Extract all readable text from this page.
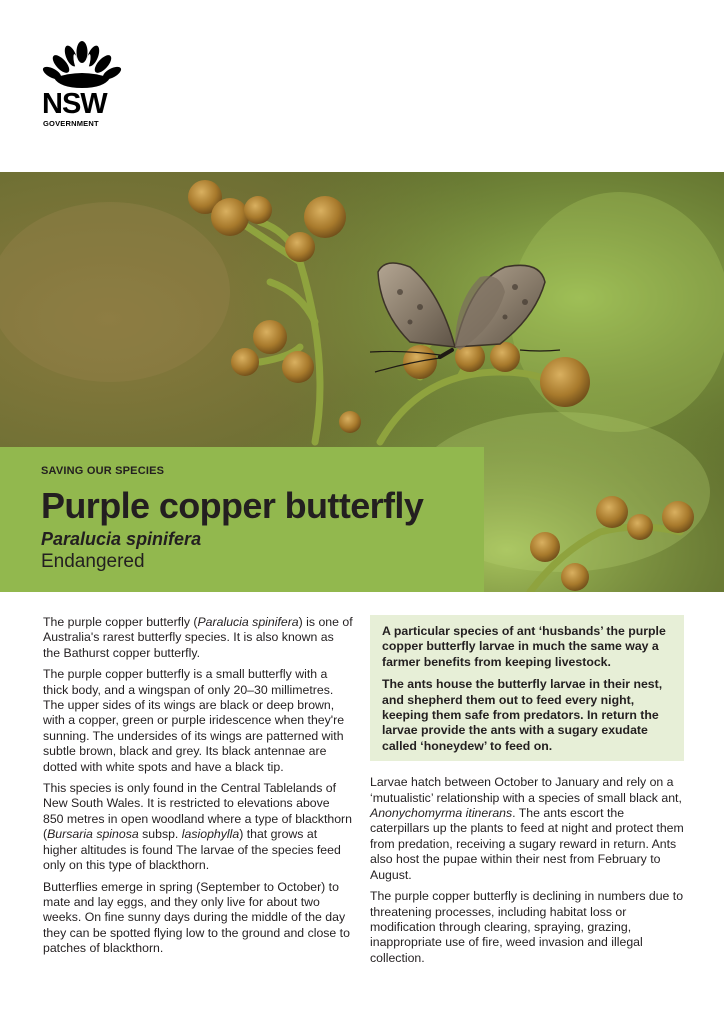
NSW
GOVERNMENT
SAVING OUR SPECIES
Purple copper butterfly
Paralucia spinifera
Endangered

The purple copper butterfly (Paralucia spinifera) is one of Australia's rarest butterfly species. It is also known as the Bathurst copper butterfly.

The purple copper butterfly is a small butterfly with a thick body, and a wingspan of only 20–30 millimetres. The upper sides of its wings are black or deep brown, with a copper, green or purple iridescence when they're sunning. The undersides of its wings are patterned with subtle brown, black and grey. Its black antennae are dotted with white spots and have a black tip.

This species is only found in the Central Tablelands of New South Wales. It is restricted to elevations above 850 metres in open woodland where a type of blackthorn (Bursaria spinosa subsp. lasiophylla) that grows at higher altitudes is found The larvae of the species feed only on this type of blackthorn.

Butterflies emerge in spring (September to October) to mate and lay eggs, and they only live for about two weeks. On fine sunny days during the middle of the day they can be spotted flying low to the ground and close to patches of blackthorn.

A particular species of ant ‘husbands’ the purple copper butterfly larvae in much the same way a farmer benefits from keeping livestock.

The ants house the butterfly larvae in their nest, and shepherd them out to feed every night, keeping them safe from predators. In return the larvae provide the ants with a sugary exudate called ‘honeydew’ to feed on.

Larvae hatch between October to January and rely on a ‘mutualistic’ relationship with a species of small black ant, Anonychomyrma itinerans. The ants escort the caterpillars up the plants to feed at night and protect them from predation, receiving a sugary reward in return. Ants also host the pupae within their nest from February to August.

The purple copper butterfly is declining in numbers due to threatening processes, including habitat loss or modification through clearing, spraying, grazing, inappropriate use of fire, weed invasion and illegal collection.
